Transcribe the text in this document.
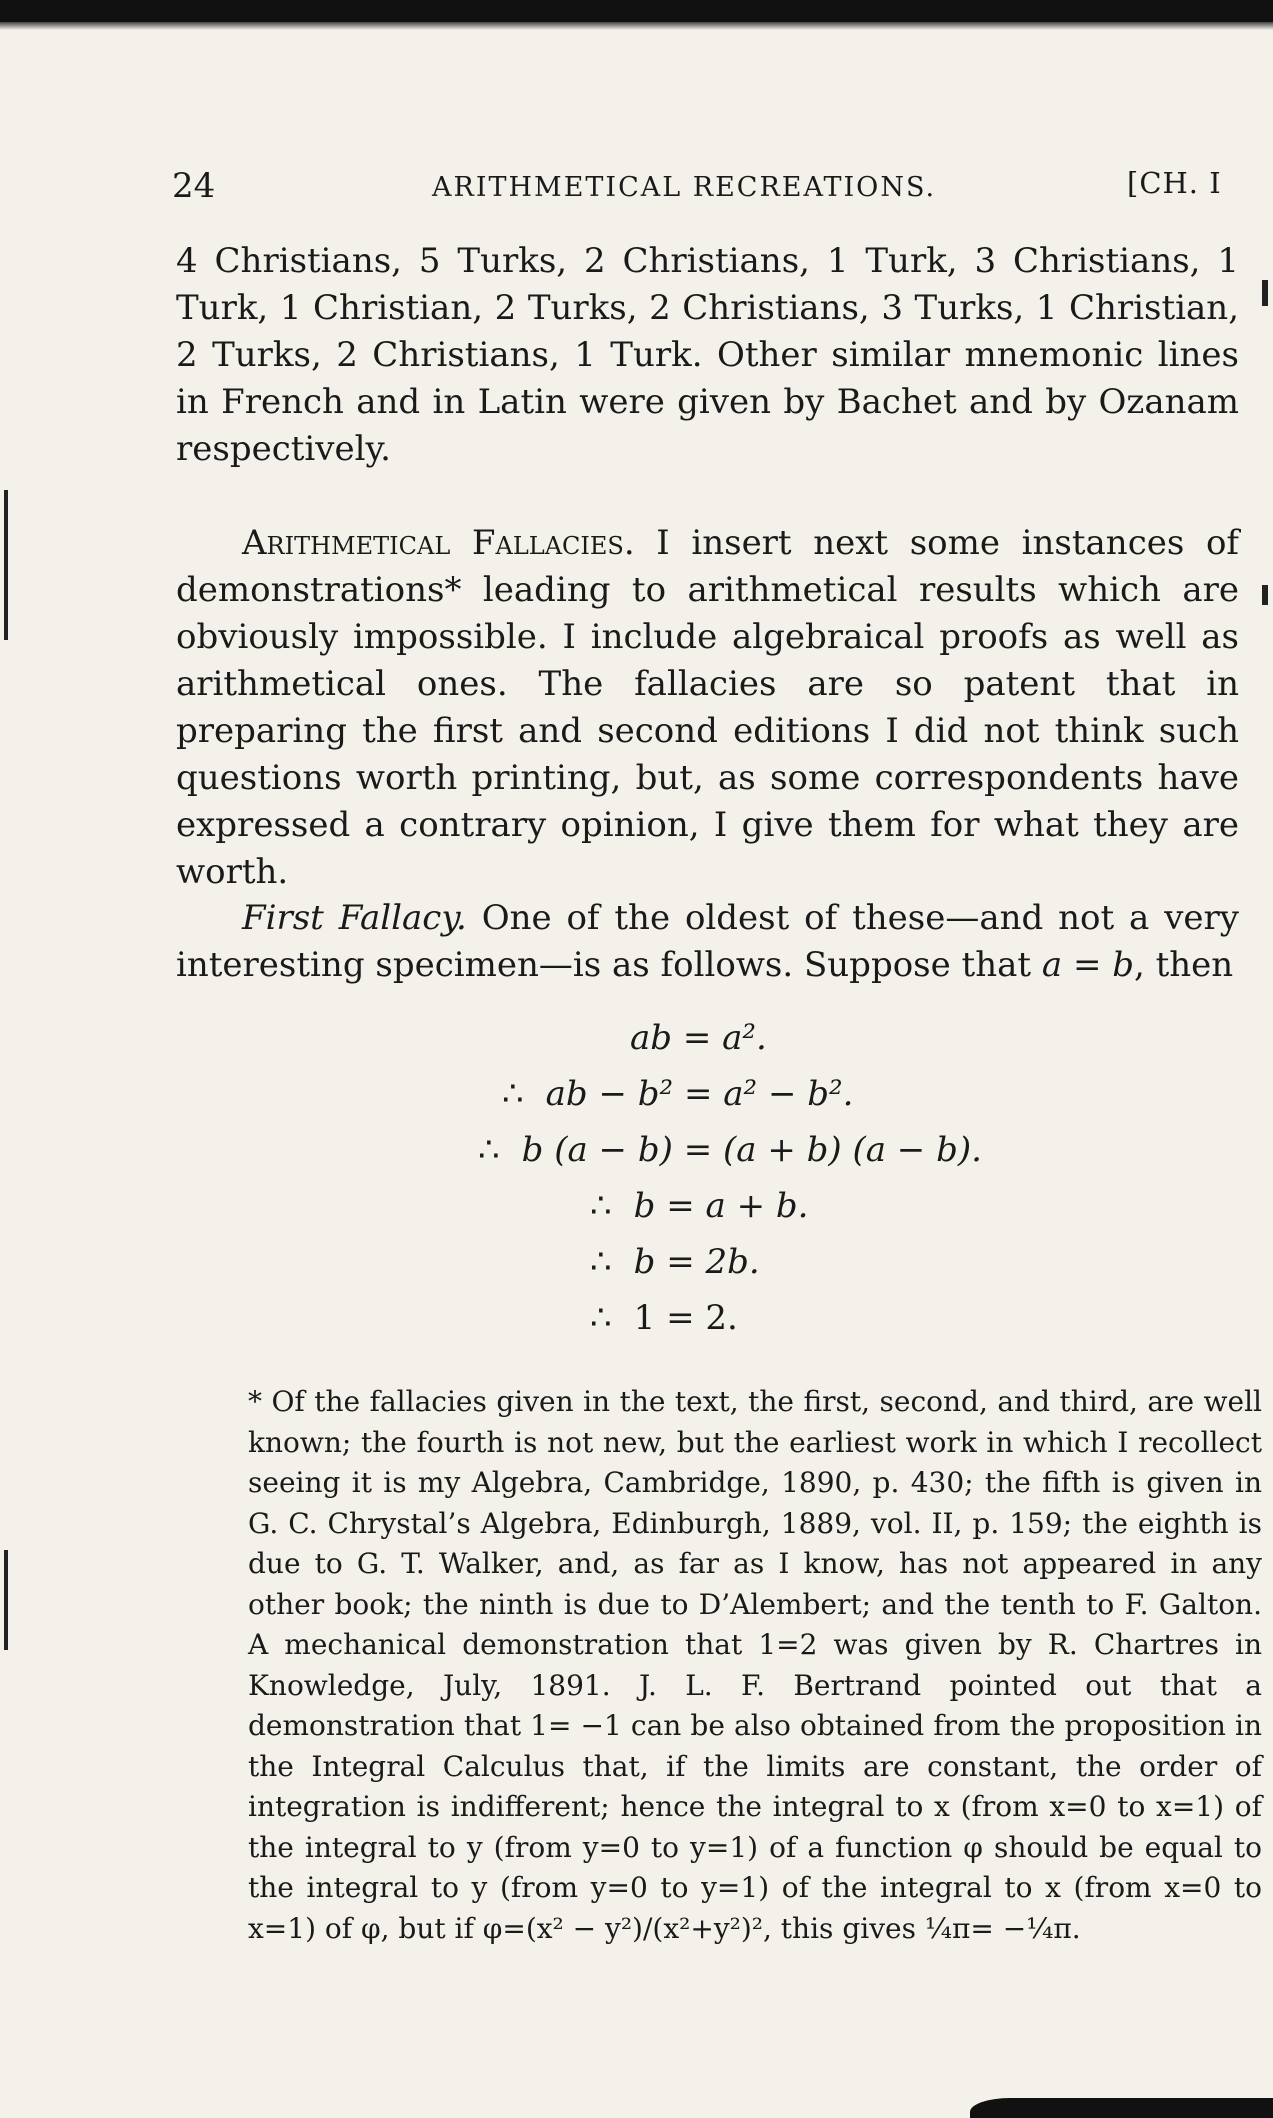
24	ARITHMETICAL RECREATIONS.	[CH. I
4 Christians, 5 Turks, 2 Christians, 1 Turk, 3 Christians, 1 Turk, 1 Christian, 2 Turks, 2 Christians, 3 Turks, 1 Christian, 2 Turks, 2 Christians, 1 Turk. Other similar mnemonic lines in French and in Latin were given by Bachet and by Ozanam respectively.
Arithmetical Fallacies. I insert next some instances of demonstrations* leading to arithmetical results which are obviously impossible. I include algebraical proofs as well as arithmetical ones. The fallacies are so patent that in preparing the first and second editions I did not think such questions worth printing, but, as some correspondents have expressed a contrary opinion, I give them for what they are worth.
First Fallacy. One of the oldest of these—and not a very interesting specimen—is as follows. Suppose that a = b, then
ab = a².
∴ ab − b² = a² − b².
∴ b (a − b) = (a + b) (a − b).
∴ b = a + b.
∴ b = 2b.
∴ 1 = 2.
* Of the fallacies given in the text, the first, second, and third, are well known; the fourth is not new, but the earliest work in which I recollect seeing it is my Algebra, Cambridge, 1890, p. 430; the fifth is given in G. C. Chrystal’s Algebra, Edinburgh, 1889, vol. II, p. 159; the eighth is due to G. T. Walker, and, as far as I know, has not appeared in any other book; the ninth is due to D’Alembert; and the tenth to F. Galton. A mechanical demonstration that 1=2 was given by R. Chartres in Knowledge, July, 1891. J. L. F. Bertrand pointed out that a demonstration that 1= −1 can be also obtained from the proposition in the Integral Calculus that, if the limits are constant, the order of integration is indifferent; hence the integral to x (from x=0 to x=1) of the integral to y (from y=0 to y=1) of a function φ should be equal to the integral to y (from y=0 to y=1) of the integral to x (from x=0 to x=1) of φ, but if φ=(x² − y²)/(x²+y²)², this gives ¼π= −¼π.
